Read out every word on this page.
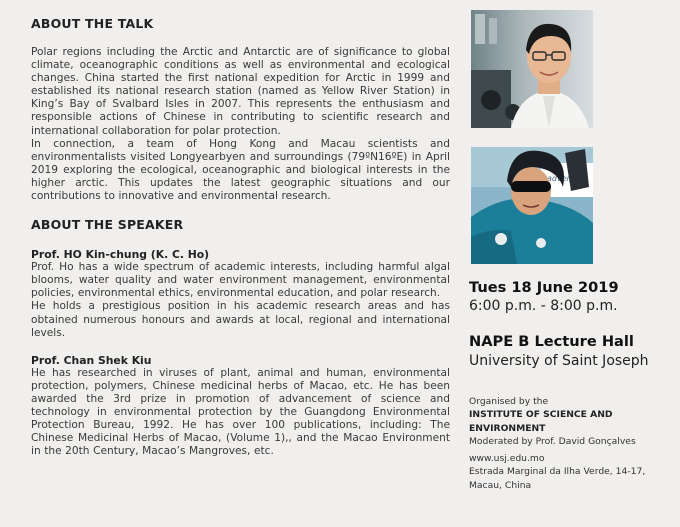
ABOUT THE TALK

Polar regions including the Arctic and Antarctic are of significance to global climate, oceanographic conditions as well as environmental and ecological changes. China started the first national expedition for Arctic in 1999 and established its national research station (named as Yellow River Station) in King’s Bay of Svalbard Isles in 2007. This represents the enthusiasm and responsible actions of Chinese in contributing to scientific research and international collaboration for polar protection.

In connection, a team of Hong Kong and Macau scientists and environmentalists visited Longyearbyen and surroundings (79ºN16ºE) in April 2019 exploring the ecological, oceanographic and biological interests in the higher arctic. This updates the latest geographic situations and our contributions to innovative and environmental research.

ABOUT THE SPEAKER

Prof. HO Kin-chung (K. C. Ho)

Prof. Ho has a wide spectrum of academic interests, including harmful algal blooms, water quality and water environment management, environmental policies, environmental ethics, environmental education, and polar research.

He holds a prestigious position in his academic research areas and has obtained numerous honours and awards at local, regional and international levels.

Prof. Chan Shek Kiu

He has researched in viruses of plant, animal and human, environmental protection, polymers, Chinese medicinal herbs of Macao, etc. He has been awarded the 3rd prize in promotion of advancement of science and technology in environmental protection by the Guangdong Environmental Protection Bureau, 1992. He has over 100 publications, including: The Chinese Medicinal Herbs of Macao, (Volume 1),, and the Macao Environment in the 20th Century, Macao’s Mangroves, etc.

Tues 18 June 2019

6:00 p.m. - 8:00 p.m.

NAPE B Lecture Hall

University of Saint Joseph

Organised by the

INSTITUTE OF SCIENCE AND ENVIRONMENT

Moderated by Prof. David Gonçalves

www.usj.edu.mo

Estrada Marginal da Ilha Verde, 14-17,

Macau, China
